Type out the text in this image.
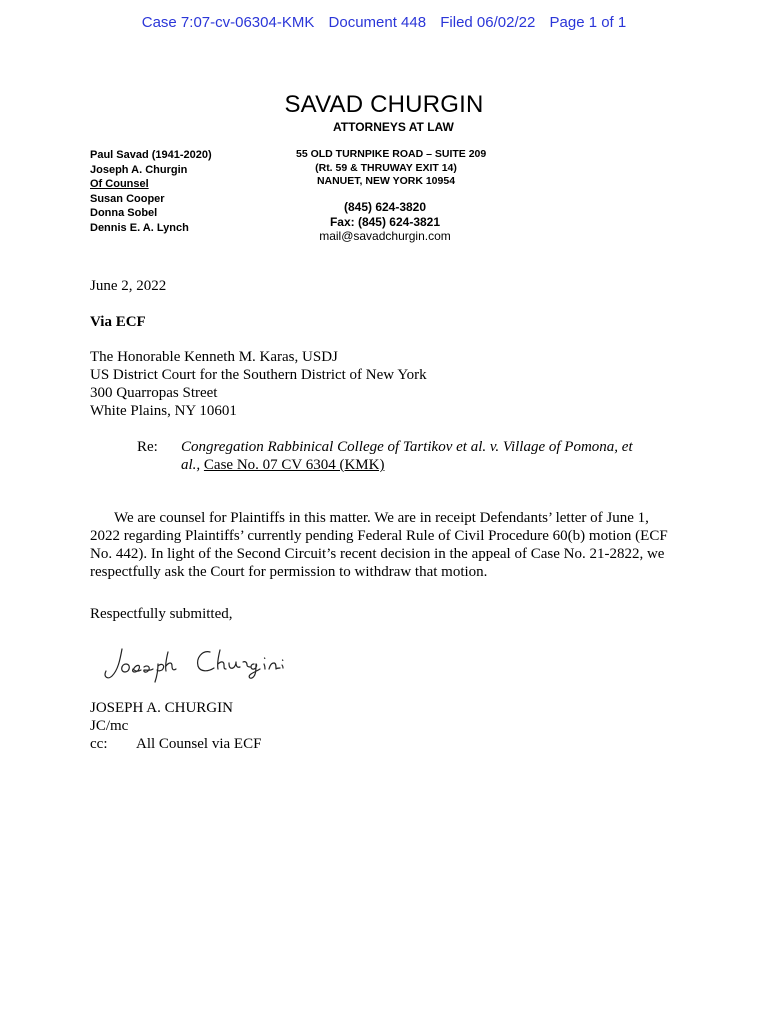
Case 7:07-cv-06304-KMK Document 448 Filed 06/02/22 Page 1 of 1
SAVAD CHURGIN
ATTORNEYS AT LAW
Paul Savad (1941-2020)
Joseph A. Churgin
Of Counsel
Susan Cooper
Donna Sobel
Dennis E. A. Lynch
55 OLD TURNPIKE ROAD – SUITE 209
(Rt. 59 & THRUWAY EXIT 14)
NANUET, NEW YORK 10954
(845) 624-3820
Fax: (845) 624-3821
mail@savadchurgin.com
June 2, 2022
Via ECF
The Honorable Kenneth M. Karas, USDJ
US District Court for the Southern District of New York
300 Quarropas Street
White Plains, NY 10601
Re: Congregation Rabbinical College of Tartikov et al. v. Village of Pomona, et al., Case No. 07 CV 6304 (KMK)
We are counsel for Plaintiffs in this matter. We are in receipt Defendants’ letter of June 1, 2022 regarding Plaintiffs’ currently pending Federal Rule of Civil Procedure 60(b) motion (ECF No. 442). In light of the Second Circuit’s recent decision in the appeal of Case No. 21-2822, we respectfully ask the Court for permission to withdraw that motion.
Respectfully submitted,
JOSEPH A. CHURGIN
JC/mc
cc: All Counsel via ECF
